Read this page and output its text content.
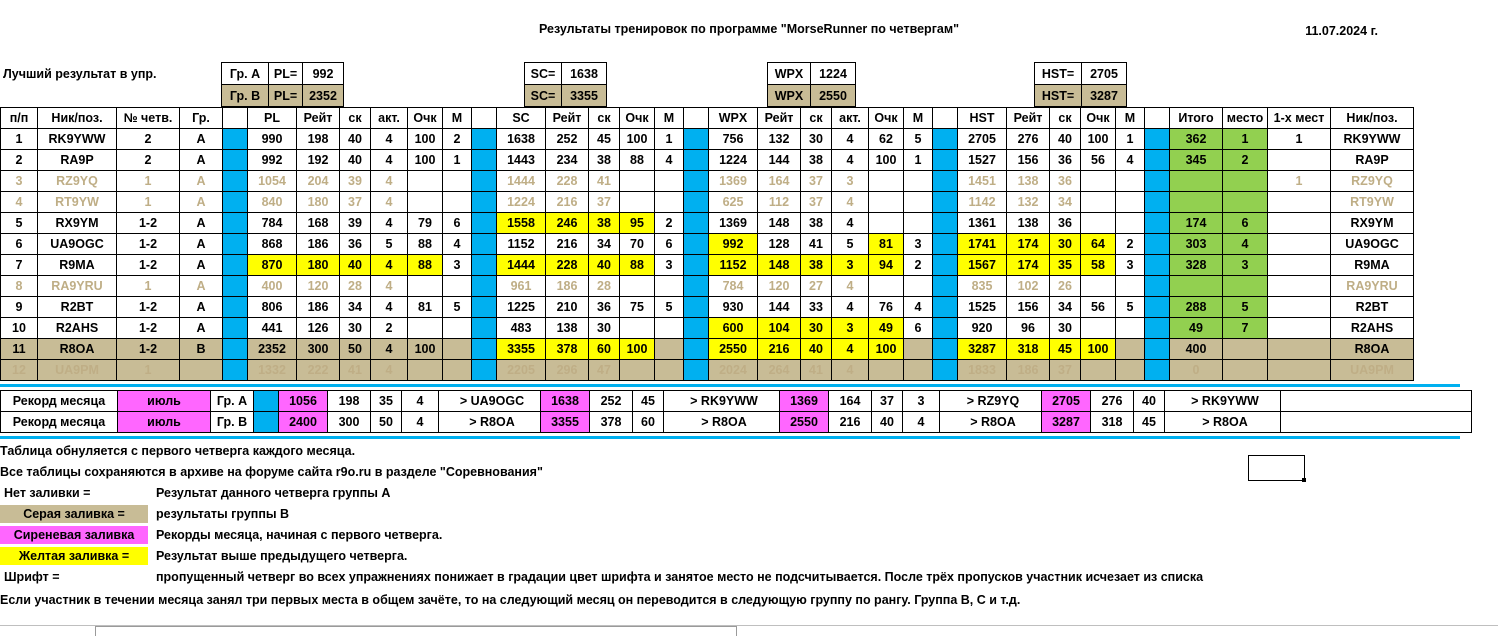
Результаты тренировок по программе "MorseRunner по четвергам"	11.07.2024 г.
Лучший результат в упр.	Гр. А	PL=	992		SC=	1638		WPX	1224		HST=	2705
	Гр. В	PL=	2352		SC=	3355		WPX	2550		HST=	3287
п/п	Ник/поз.	№ четв.	Гр.		PL	Рейт	ск	акт.	Очк	M		SC	Рейт	ск	Очк	M		WPX	Рейт	ск	акт.	Очк	M		HST	Рейт	ск	Очк	M		Итого	место	1-х мест	Ник/поз.
1	RK9YWW	2	A		990	198	40	4	100	2		1638	252	45	100	1		756	132	30	4	62	5		2705	276	40	100	1		362	1	1	RK9YWW
2	RA9P	2	A		992	192	40	4	100	1		1443	234	38	88	4		1224	144	38	4	100	1		1527	156	36	56	4		345	2		RA9P
3	RZ9YQ	1	A		1054	204	39	4				1444	228	41				1369	164	37	3				1451	138	36						1	RZ9YQ
4	RT9YW	1	A		840	180	37	4				1224	216	37				625	112	37	4				1142	132	34							RT9YW
5	RX9YM	1-2	A		784	168	39	4	79	6		1558	246	38	95	2		1369	148	38	4				1361	138	36				174	6		RX9YM
6	UA9OGC	1-2	A		868	186	36	5	88	4		1152	216	34	70	6		992	128	41	5	81	3		1741	174	30	64	2		303	4		UA9OGC
7	R9MA	1-2	A		870	180	40	4	88	3		1444	228	40	88	3		1152	148	38	3	94	2		1567	174	35	58	3		328	3		R9MA
8	RA9YRU	1	A		400	120	28	4				961	186	28				784	120	27	4				835	102	26							RA9YRU
9	R2BT	1-2	A		806	186	34	4	81	5		1225	210	36	75	5		930	144	33	4	76	4		1525	156	34	56	5		288	5		R2BT
10	R2AHS	1-2	A		441	126	30	2				483	138	30				600	104	30	3	49	6		920	96	30				49	7		R2AHS
11	R8OA	1-2	B		2352	300	50	4	100			3355	378	60	100			2550	216	40	4	100			3287	318	45	100			400			R8OA
12	UA9PM	1			1332	222	41	4				2205	296	47				2024	264	41	4				1833	186	37				0			UA9PM
Рекорд месяца	июль	Гр. А		1056	198	35	4	> UA9OGC	1638	252	45	> RK9YWW	1369	164	37	3	> RZ9YQ	2705	276	40	> RK9YWW	
Рекорд месяца	июль	Гр. В		2400	300	50	4	> R8OA	3355	378	60	> R8OA	2550	216	40	4	> R8OA	3287	318	45	> R8OA	
Таблица обнуляется с первого четверга каждого месяца.
Все таблицы сохраняются в архиве на форуме сайта r9o.ru в разделе "Соревнования"
Нет заливки =	Результат данного четверга группы А
Серая заливка =	результаты группы В
Сиреневая заливка	Рекорды месяца, начиная с первого четверга.
Желтая заливка =	Результат выше предыдущего четверга.
Шрифт =	пропущенный четверг во всех упражнениях понижает в градации цвет шрифта и занятое место не подсчитывается. После трёх пропусков участник исчезает из списка
Если участник в течении месяца занял три первых места в общем зачёте, то на следующий месяц он переводится в следующую группу по рангу. Группа В, С и т.д.
